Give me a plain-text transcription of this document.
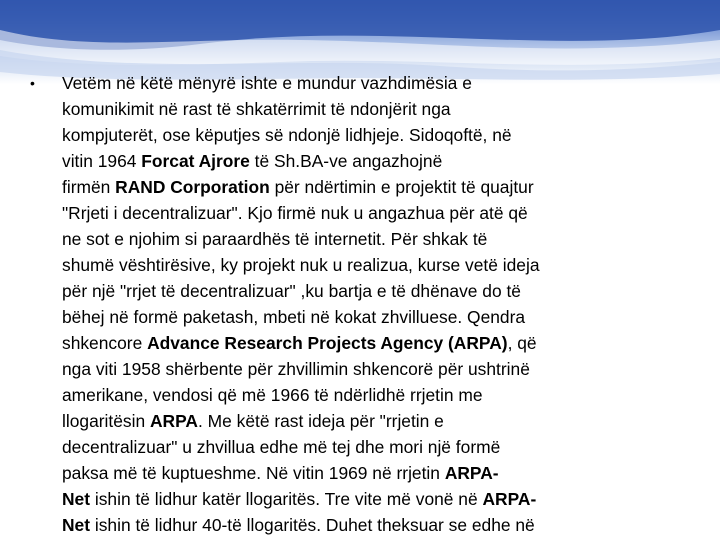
•	Vetëm në këtë mënyrë ishte e mundur vazhdimësia e
komunikimit në rast të shkatërrimit të ndonjërit nga
kompjuterët, ose këputjes së ndonjë lidhjeje. Sidoqoftë, në
vitin 1964 Forcat Ajrore të Sh.BA-ve angazhojnë
firmën RAND Corporation për ndërtimin e projektit të quajtur
"Rrjeti i decentralizuar". Kjo firmë nuk u angazhua për atë që
ne sot e njohim si paraardhës të internetit. Për shkak të
shumë vështirësive, ky projekt nuk u realizua, kurse vetë ideja
për një "rrjet të decentralizuar" ,ku bartja e të dhënave do të
bëhej në formë paketash, mbeti në kokat zhvilluese. Qendra
shkencore Advance Research Projects Agency (ARPA), që
nga viti 1958 shërbente për zhvillimin shkencorë për ushtrinë
amerikane, vendosi që më 1966 të ndërlidhë rrjetin me
llogaritësin ARPA. Me këtë rast ideja për "rrjetin e
decentralizuar" u zhvillua edhe më tej dhe mori një formë
paksa më të kuptueshme. Në vitin 1969 në rrjetin ARPA-
Net ishin të lidhur katër llogaritës. Tre vite më vonë në ARPA-
Net ishin të lidhur 40-të llogaritës. Duhet theksuar se edhe në
